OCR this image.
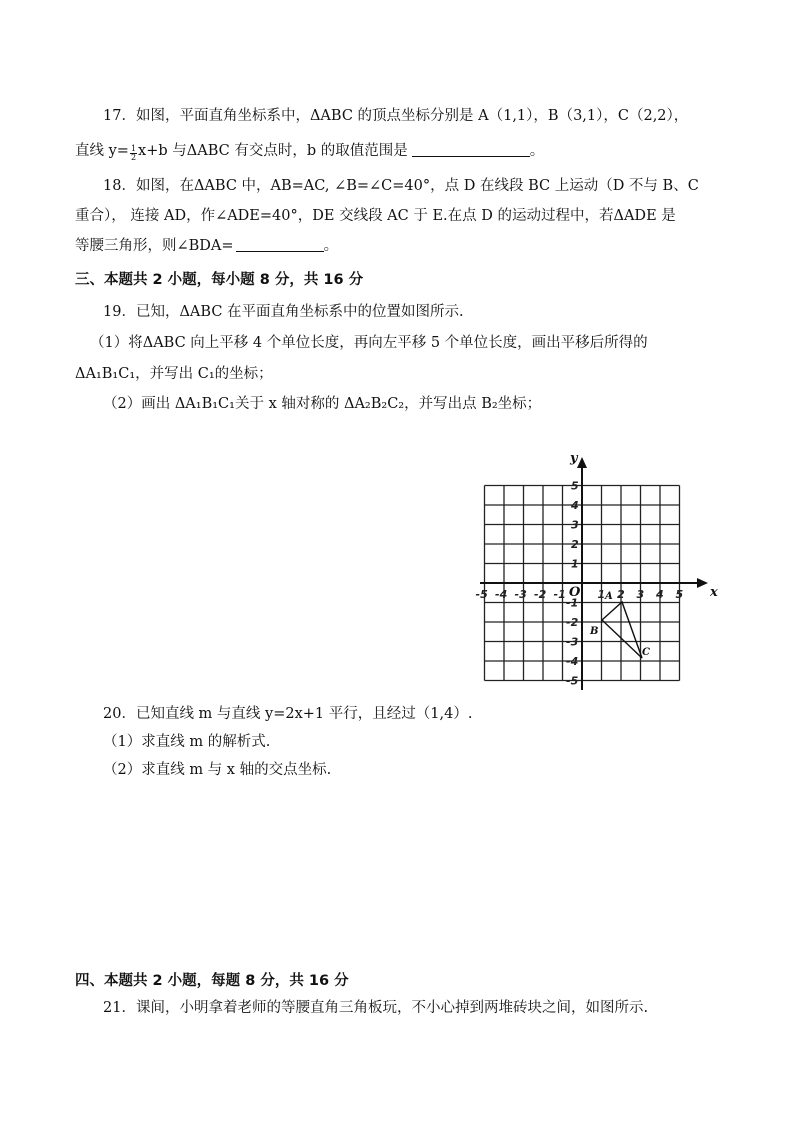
17．如图，平面直角坐标系中，ΔABC 的顶点坐标分别是 A（1,1），B（3,1），C（2,2），
直线 $y= \frac{1}{2} x+b$ 与ΔABC 有交点时，b 的取值范围是	。
18．如图，在ΔABC 中，AB=AC, ∠B=∠C=40°，点 D 在线段 BC 上运动（D 不与 B、C
重合）， 连接 AD，作∠ADE=40°，DE 交线段 AC 于 E.在点 D 的运动过程中，若ΔADE 是
等腰三角形，则∠BDA=	。
三、本题共 2 小题，每小题 8 分，共 16 分
19．已知，ΔABC 在平面直角坐标系中的位置如图所示.
（1）将ΔABC 向上平移 4 个单位长度，再向左平移 5 个单位长度，画出平移后所得的
ΔA₁B₁C₁，并写出 C₁的坐标；
（2）画出 ΔA₁B₁C₁关于 x 轴对称的 ΔA₂B₂C₂，并写出点 B₂坐标；
x
y
O
-5 -4 -3 -2 -1	1 2 3 4 5
5
4
3
2
1
-1
-2
-3
-4
-5
A
B
C
20．已知直线 m 与直线 y=2x+1 平行，且经过（1,4）.
（1）求直线 m 的解析式.
（2）求直线 m 与 x 轴的交点坐标.
四、本题共 2 小题，每题 8 分，共 16 分
21．课间，小明拿着老师的等腰直角三角板玩，不小心掉到两堆砖块之间，如图所示.
